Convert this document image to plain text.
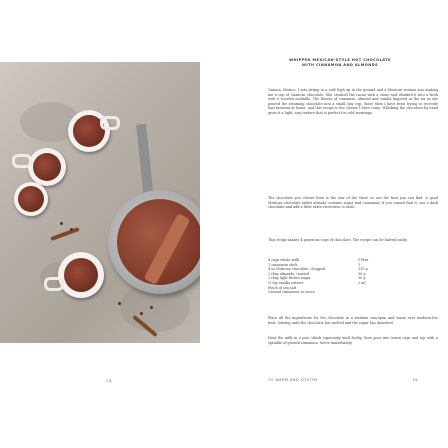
24
WHIPPED MEXICAN-STYLE HOT CHOCOLATE
WITH CINNAMON AND ALMONDS
Oaxaca, Mexico. I was sitting in a café high up in the ground and a Mexican woman was making me a cup of Oaxacan chocolate. She crushed the cacao with a stone and whisked it into a froth with a wooden molinillo. The flavors of cinnamon, almond and vanilla lingered in the air as she poured the steaming chocolate into a small clay cup. Since then I have been trying to recreate that moment at home, and this recipe is the closest I have come. Whisking the chocolate by hand gives it a light, airy texture that is perfect for cold mornings.
The chocolate you choose here is the star of the show, so use the best you can find. A good Mexican chocolate tablet already contains sugar and cinnamon; if you cannot find it, use a dark chocolate and add a little extra sweetness to taste.
This recipe makes 4 generous cups of chocolate. The recipe can be halved easily.
4 cups whole milk	1 liter
1 cinnamon stick	1
4 oz Mexican chocolate, chopped	115 g
2 tbsp almonds, toasted	30 g
2 tbsp light brown sugar	30 g
½ tsp vanilla extract	2 ml
Pinch of sea salt
Ground cinnamon, to serve
Place all the ingredients for the chocolate in a medium saucepan and warm over medium-low heat, stirring until the chocolate has melted and the sugar has dissolved.
Heat the milk in a pan, whisk vigorously until frothy, then pour into warm cups and top with a sprinkle of ground cinnamon. Serve immediately.
TO WARM AND SOOTHE	25
